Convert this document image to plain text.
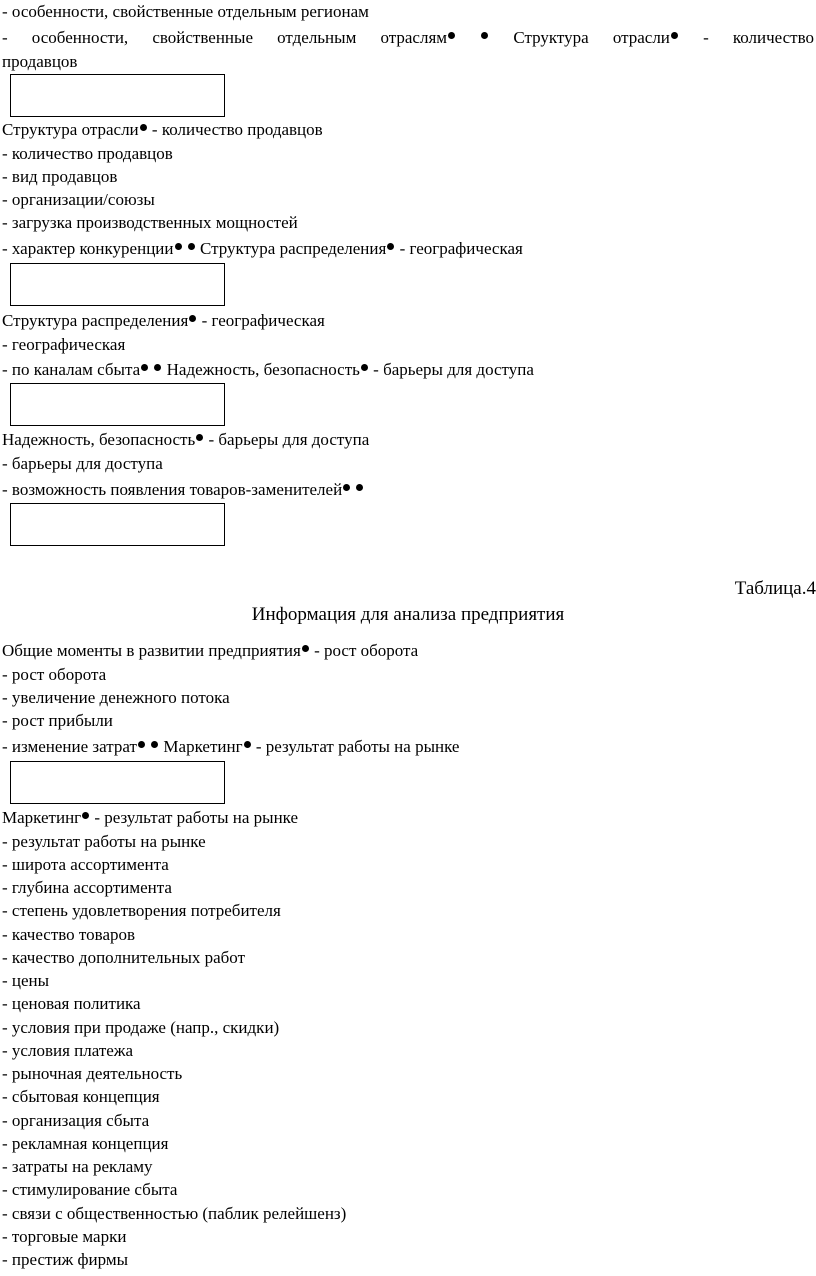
- особенности, свойственные отдельным регионам
- особенности, свойственные отдельным отраслям	Структура отрасли - количество
продавцов
Структура отрасли - количество продавцов
- количество продавцов
- вид продавцов
- организации/союзы
- загрузка производственных мощностей
- характер конкуренции Структура распределения - географическая
Структура распределения - географическая
- географическая
- по каналам сбыта Надежность, безопасность - барьеры для доступа
Надежность, безопасность - барьеры для доступа
- барьеры для доступа
- возможность появления товаров-заменителей
Таблица.4
Информация для анализа предприятия
Общие моменты в развитии предприятия - рост оборота
- рост оборота
- увеличение денежного потока
- рост прибыли
- изменение затрат Маркетинг - результат работы на рынке
Маркетинг - результат работы на рынке
- результат работы на рынке
- широта ассортимента
- глубина ассортимента
- степень удовлетворения потребителя
- качество товаров
- качество дополнительных работ
- цены
- ценовая политика
- условия при продаже (напр., скидки)
- условия платежа
- рыночная деятельность
- сбытовая концепция
- организация сбыта
- рекламная концепция
- затраты на рекламу
- стимулирование сбыта
- связи с общественностью (паблик релейшенз)
- торговые марки
- престиж фирмы
